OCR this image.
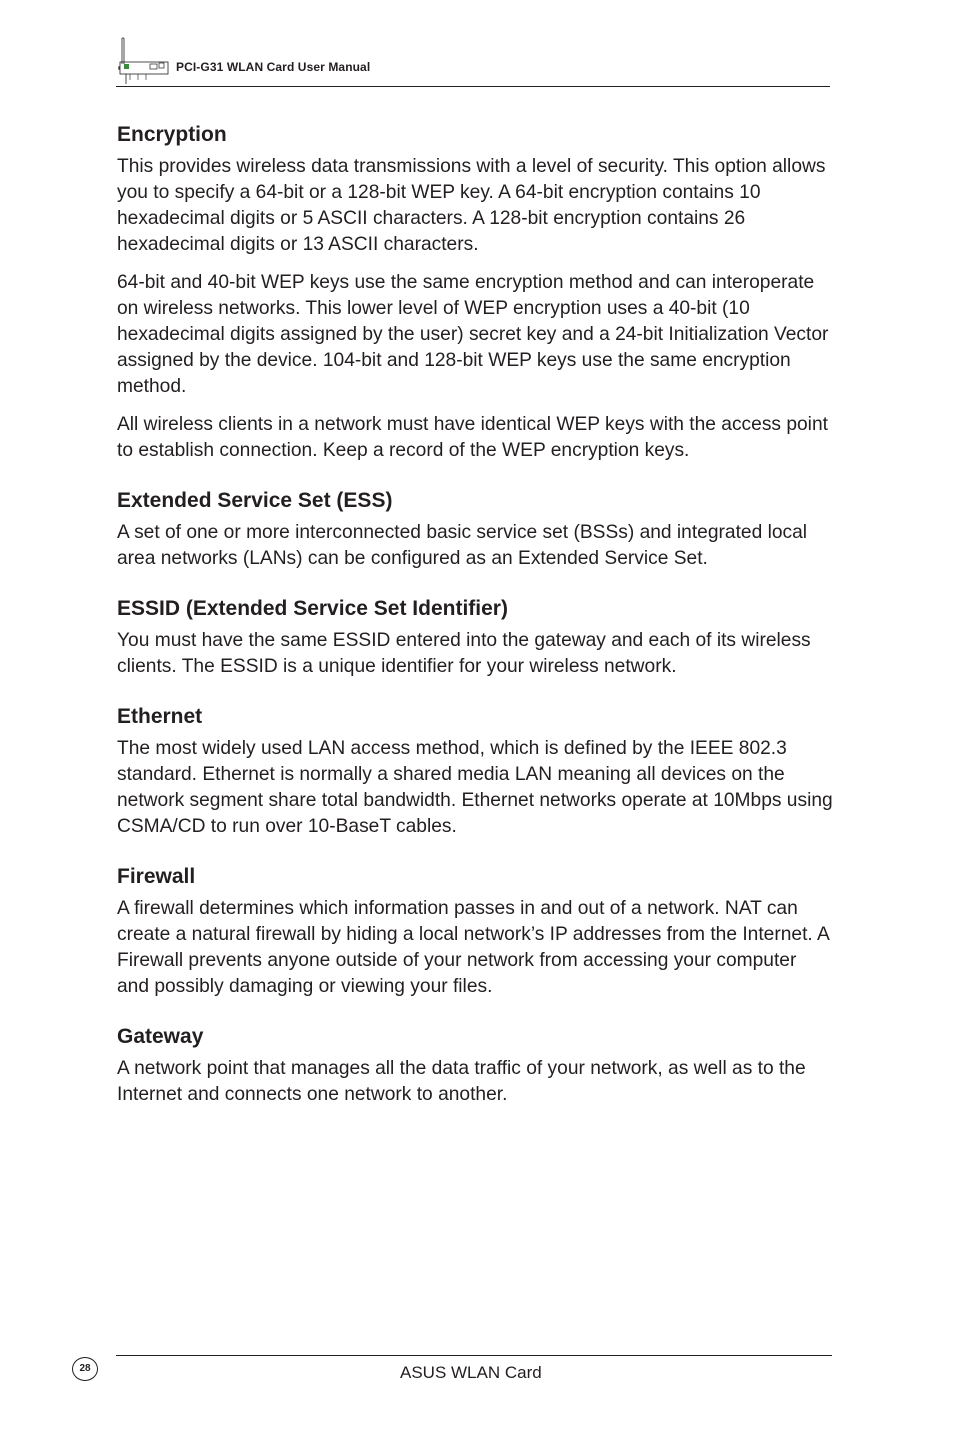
PCI-G31 WLAN Card User Manual
Encryption

This provides wireless data transmissions with a level of security. This option allows you to specify a 64-bit or a 128-bit WEP key. A 64-bit encryption contains 10 hexadecimal digits or 5 ASCII characters. A 128-bit encryption contains 26 hexadecimal digits or 13 ASCII characters.

64-bit and 40-bit WEP keys use the same encryption method and can interoperate on wireless networks. This lower level of WEP encryption uses a 40-bit (10 hexadecimal digits assigned by the user) secret key and a 24-bit Initialization Vector assigned by the device. 104-bit and 128-bit WEP keys use the same encryption method.

All wireless clients in a network must have identical WEP keys with the access point to establish connection. Keep a record of the WEP encryption keys.

Extended Service Set (ESS)

A set of one or more interconnected basic service set (BSSs) and integrated local area networks (LANs) can be configured as an Extended Service Set.

ESSID (Extended Service Set Identifier)

You must have the same ESSID entered into the gateway and each of its wireless clients. The ESSID is a unique identifier for your wireless network.

Ethernet

The most widely used LAN access method, which is defined by the IEEE 802.3 standard. Ethernet is normally a shared media LAN meaning all devices on the network segment share total bandwidth. Ethernet networks operate at 10Mbps using CSMA/CD to run over 10-BaseT cables.

Firewall

A firewall determines which information passes in and out of a network. NAT can create a natural firewall by hiding a local network’s IP addresses from the Internet. A Firewall prevents anyone outside of your network from accessing your computer and possibly damaging or viewing your files.

Gateway

A network point that manages all the data traffic of your network, as well as to the Internet and connects one network to another.

28	ASUS WLAN Card
